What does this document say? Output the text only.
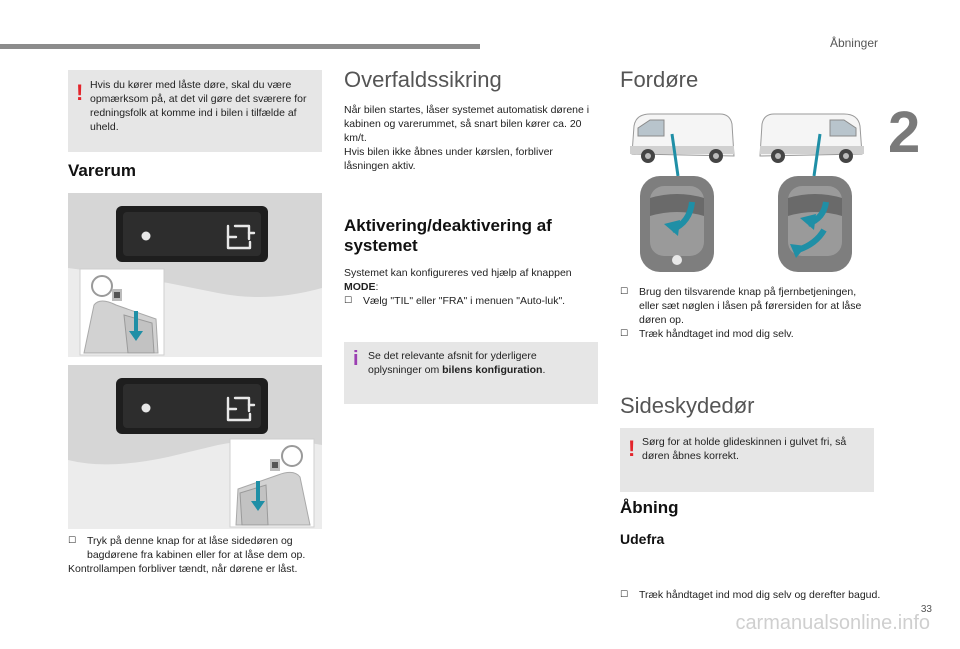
Åbninger
2
! Hvis du kører med låste døre, skal du være opmærksom på, at det vil gøre det sværere for redningsfolk at komme ind i bilen i tilfælde af uheld.

Varerum

☐ Tryk på denne knap for at låse sidedøren og bagdørene fra kabinen eller for at låse dem op.

Kontrollampen forbliver tændt, når dørene er låst.

Overfaldssikring

Når bilen startes, låser systemet automatisk dørene i kabinen og varerummet, så snart bilen kører ca. 20 km/t.

Hvis bilen ikke åbnes under kørslen, forbliver låsningen aktiv.

Aktivering/deaktivering af systemet

Systemet kan konfigureres ved hjælp af knappen MODE:

☐ Vælg "TIL" eller "FRA" i menuen "Auto-luk".

i Se det relevante afsnit for yderligere oplysninger om bilens konfiguration.

Fordøre

☐ Brug den tilsvarende knap på fjernbetjeningen, eller sæt nøglen i låsen på førersiden for at låse døren op.

☐ Træk håndtaget ind mod dig selv.

Sideskydedør
! Sørg for at holde glideskinnen i gulvet fri, så døren åbnes korrekt.

Åbning
Udefra

☐ Træk håndtaget ind mod dig selv og derefter bagud.

33
carmanualsonline.info
